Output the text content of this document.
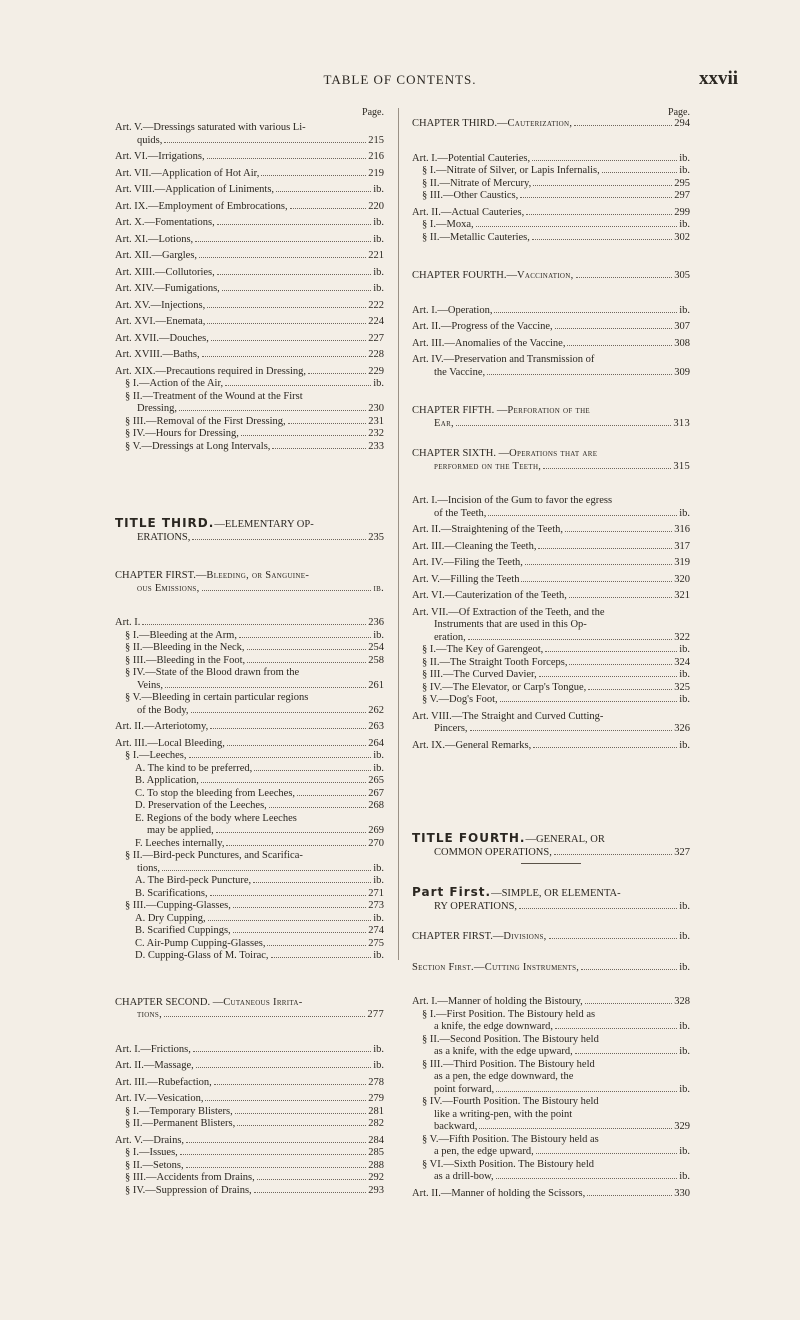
TABLE OF CONTENTS.	xxvii
Page.
Art. V.—Dressings saturated with various Li-
quids,	215
Art. VI.—Irrigations,	216
Art. VII.—Application of Hot Air,	219
Art. VIII.—Application of Liniments,	ib.
Art. IX.—Employment of Embrocations,	220
Art. X.—Fomentations,	ib.
Art. XI.—Lotions,	ib.
Art. XII.—Gargles,	221
Art. XIII.—Collutories,	ib.
Art. XIV.—Fumigations,	ib.
Art. XV.—Injections,	222
Art. XVI.—Enemata,	224
Art. XVII.—Douches,	227
Art. XVIII.—Baths,	228
Art. XIX.—Precautions required in Dressing,	229
§ I.—Action of the Air,	ib.
§ II.—Treatment of the Wound at the First
Dressing,	230
§ III.—Removal of the First Dressing,	231
§ IV.—Hours for Dressing,	232
§ V.—Dressings at Long Intervals,	233
TITLE THIRD. —ELEMENTARY OP-
ERATIONS,	235
CHAPTER FIRST.— Bleeding, or Sanguine-
ous Emissions,	ib.
Art. I.	236
§ I.—Bleeding at the Arm,	ib.
§ II.—Bleeding in the Neck,	254
§ III.—Bleeding in the Foot,	258
§ IV.—State of the Blood drawn from the
Veins,	261
§ V.—Bleeding in certain particular regions
of the Body,	262
Art. II.—Arteriotomy,	263
Art. III.—Local Bleeding,	264
§ I.—Leeches,	ib.
A. The kind to be preferred,	ib.
B. Application,	265
C. To stop the bleeding from Leeches,	267
D. Preservation of the Leeches,	268
E. Regions of the body where Leeches
may be applied,	269
F. Leeches internally,	270
§ II.—Bird-peck Punctures, and Scarifica-
tions,	ib.
A. The Bird-peck Puncture,	ib.
B. Scarifications,	271
§ III.—Cupping-Glasses,	273
A. Dry Cupping,	ib.
B. Scarified Cuppings,	274
C. Air-Pump Cupping-Glasses,	275
D. Cupping-Glass of M. Toirac,	ib.
CHAPTER SECOND. — Cutaneous Irrita-
tions,	277
Art. I.—Frictions,	ib.
Art. II.—Massage,	ib.
Art. III.—Rubefaction,	278
Art. IV.—Vesication,	279
§ I.—Temporary Blisters,	281
§ II.—Permanent Blisters,	282
Art. V.—Drains,	284
§ I.—Issues,	285
§ II.—Setons,	288
§ III.—Accidents from Drains,	292
§ IV.—Suppression of Drains,	293
Page.
CHAPTER THIRD.— Cauterization,	294
Art. I.—Potential Cauteries,	ib.
§ I.—Nitrate of Silver, or Lapis Infernalis,	ib.
§ II.—Nitrate of Mercury,	295
§ III.—Other Caustics,	297
Art. II.—Actual Cauteries,	299
§ I.—Moxa,	ib.
§ II.—Metallic Cauteries,	302
CHAPTER FOURTH.— Vaccination,	305
Art. I.—Operation,	ib.
Art. II.—Progress of the Vaccine,	307
Art. III.—Anomalies of the Vaccine,	308
Art. IV.—Preservation and Transmission of
the Vaccine,	309
CHAPTER FIFTH. — Perforation of the
Ear,	313
CHAPTER SIXTH. — Operations that are
performed on the Teeth,	315
Art. I.—Incision of the Gum to favor the egress
of the Teeth,	ib.
Art. II.—Straightening of the Teeth,	316
Art. III.—Cleaning the Teeth,	317
Art. IV.—Filing the Teeth,	319
Art. V.—Filling the Teeth	320
Art. VI.—Cauterization of the Teeth,	321
Art. VII.—Of Extraction of the Teeth, and the
Instruments that are used in this Op-
eration,	322
§ I.—The Key of Garengeot,	ib.
§ II.—The Straight Tooth Forceps,	324
§ III.—The Curved Davier,	ib.
§ IV.—The Elevator, or Carp's Tongue,	325
§ V.—Dog's Foot,	ib.
Art. VIII.—The Straight and Curved Cutting-
Pincers,	326
Art. IX.—General Remarks,	ib.
TITLE FOURTH. —GENERAL, OR
COMMON OPERATIONS,	327
Part First. —SIMPLE, OR ELEMENTA-
RY OPERATIONS,	ib.
CHAPTER FIRST.— Divisions,	ib.
Section First.—Cutting Instruments,	ib.
Art. I.—Manner of holding the Bistoury,	328
§ I.—First Position. The Bistoury held as
a knife, the edge downward,	ib.
§ II.—Second Position. The Bistoury held
as a knife, with the edge upward,	ib.
§ III.—Third Position. The Bistoury held
as a pen, the edge downward, the
point forward,	ib.
§ IV.—Fourth Position. The Bistoury held
like a writing-pen, with the point
backward,	329
§ V.—Fifth Position. The Bistoury held as
a pen, the edge upward,	ib.
§ VI.—Sixth Position. The Bistoury held
as a drill-bow,	ib.
Art. II.—Manner of holding the Scissors,	330
